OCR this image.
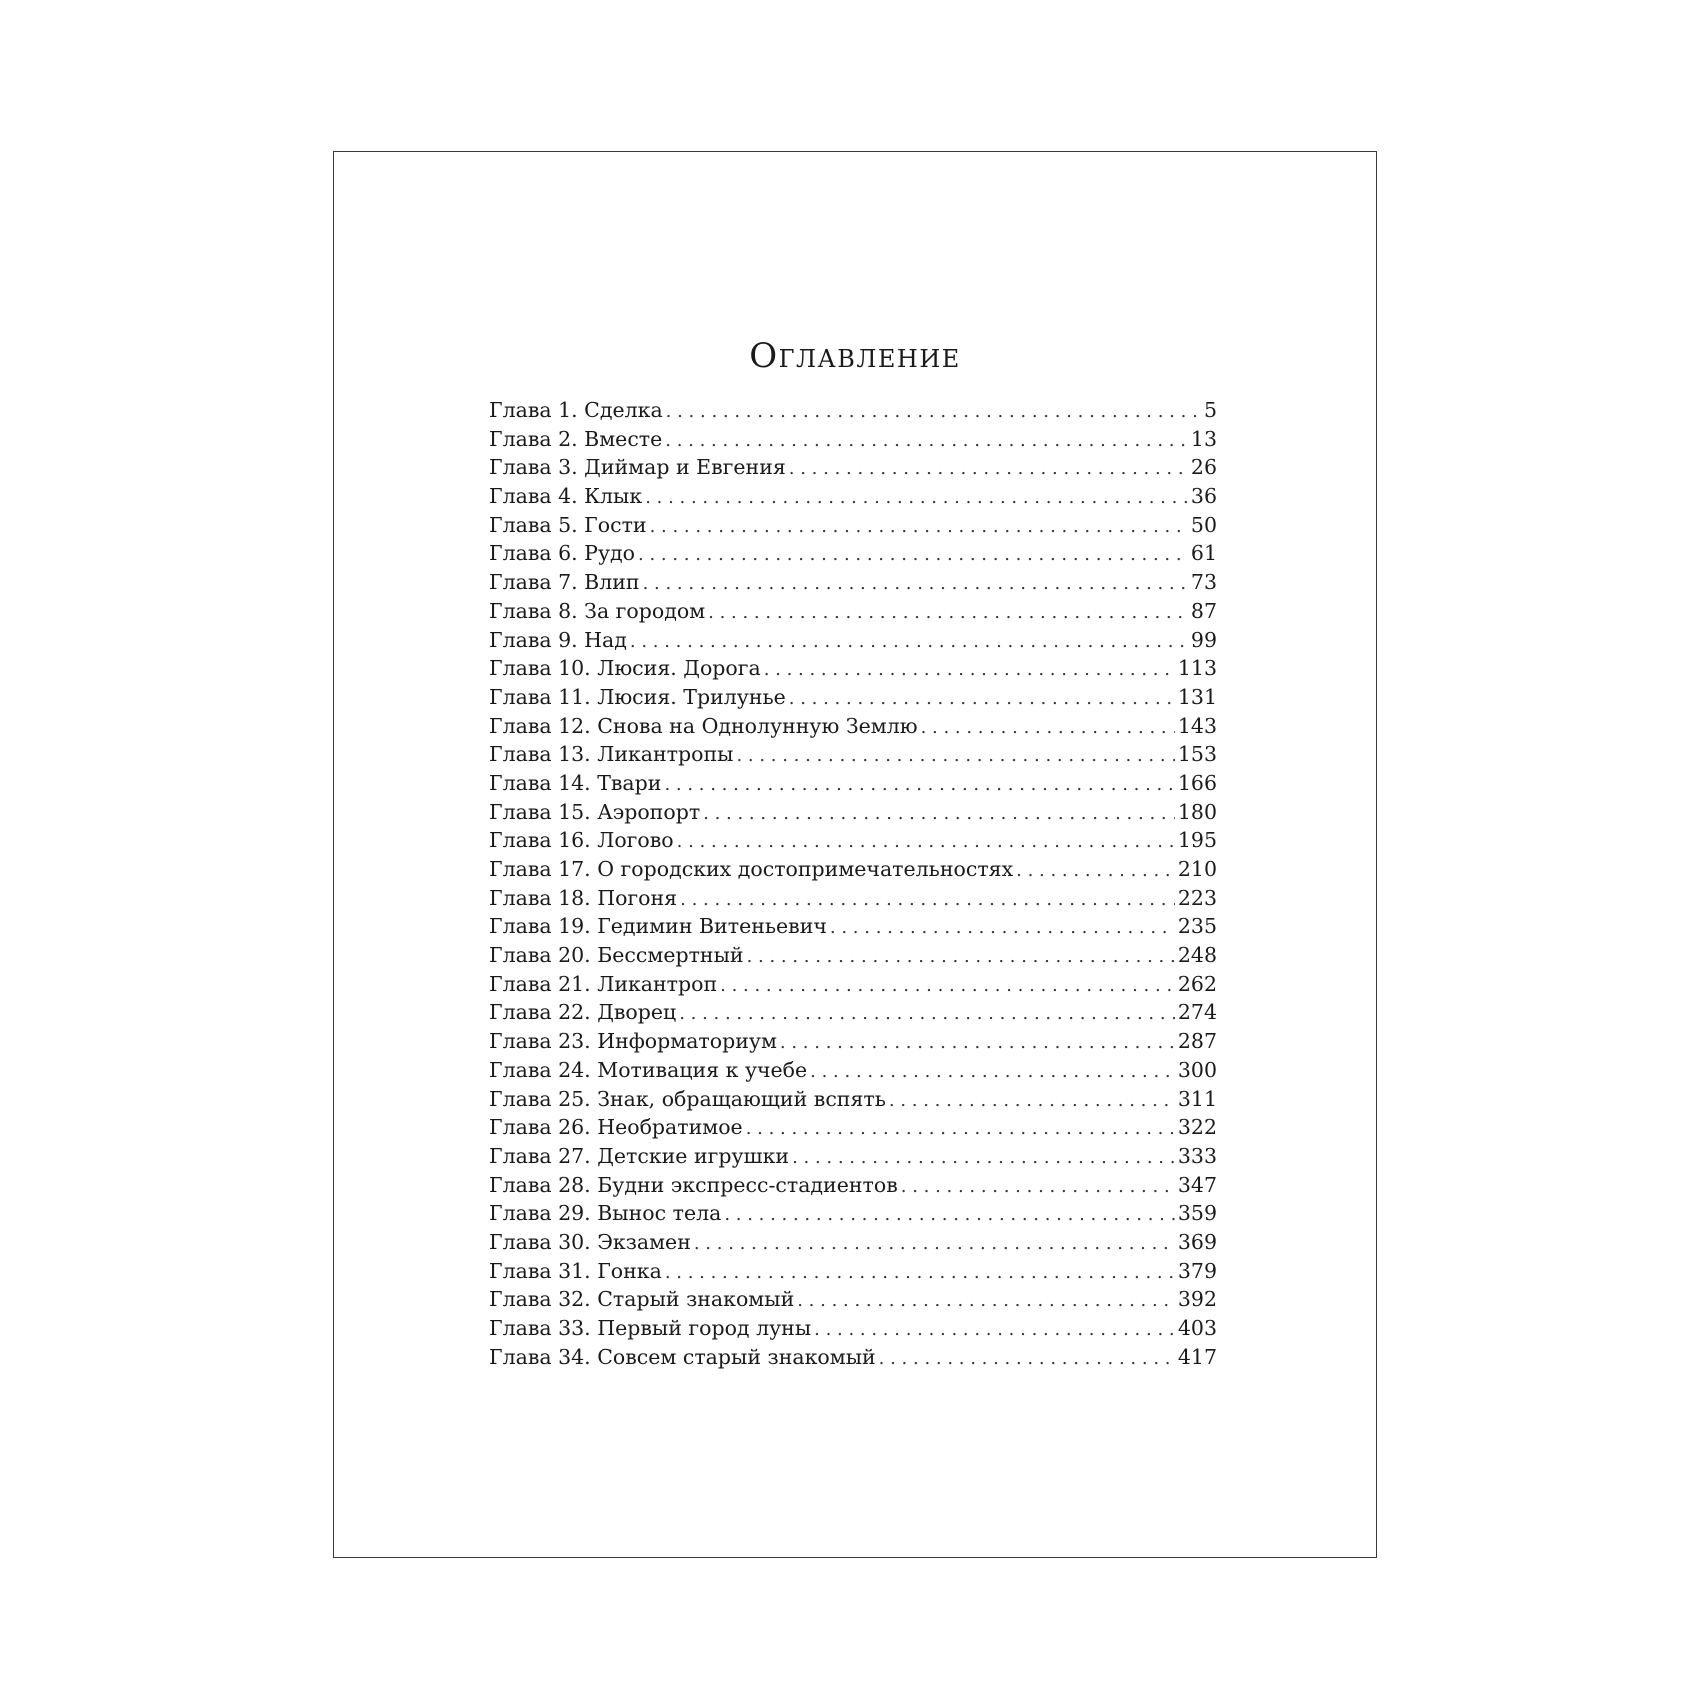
Оглавление
Глава 1. Сделка . . .	5
Глава 2. Вместе . . .	13
Глава 3. Диймар и Евгения . . .	26
Глава 4. Клык . . .	36
Глава 5. Гости . . .	50
Глава 6. Рудо . . .	61
Глава 7. Влип . . .	73
Глава 8. За городом . . .	87
Глава 9. Над . . .	99
Глава 10. Люсия. Дорога . . .	113
Глава 11. Люсия. Трилунье . . .	131
Глава 12. Снова на Однолунную Землю . . .	143
Глава 13. Ликантропы . . .	153
Глава 14. Твари . . .	166
Глава 15. Аэропорт . . .	180
Глава 16. Логово . . .	195
Глава 17. О городских достопримечательностях . . .	210
Глава 18. Погоня . . .	223
Глава 19. Гедимин Витеньевич . . .	235
Глава 20. Бессмертный . . .	248
Глава 21. Ликантроп . . .	262
Глава 22. Дворец . . .	274
Глава 23. Информаториум . . .	287
Глава 24. Мотивация к учебе . . .	300
Глава 25. Знак, обращающий вспять . . .	311
Глава 26. Необратимое . . .	322
Глава 27. Детские игрушки . . .	333
Глава 28. Будни экспресс-стадиентов . . .	347
Глава 29. Вынос тела . . .	359
Глава 30. Экзамен . . .	369
Глава 31. Гонка . . .	379
Глава 32. Старый знакомый . . .	392
Глава 33. Первый город луны . . .	403
Глава 34. Совсем старый знакомый . . .	417
